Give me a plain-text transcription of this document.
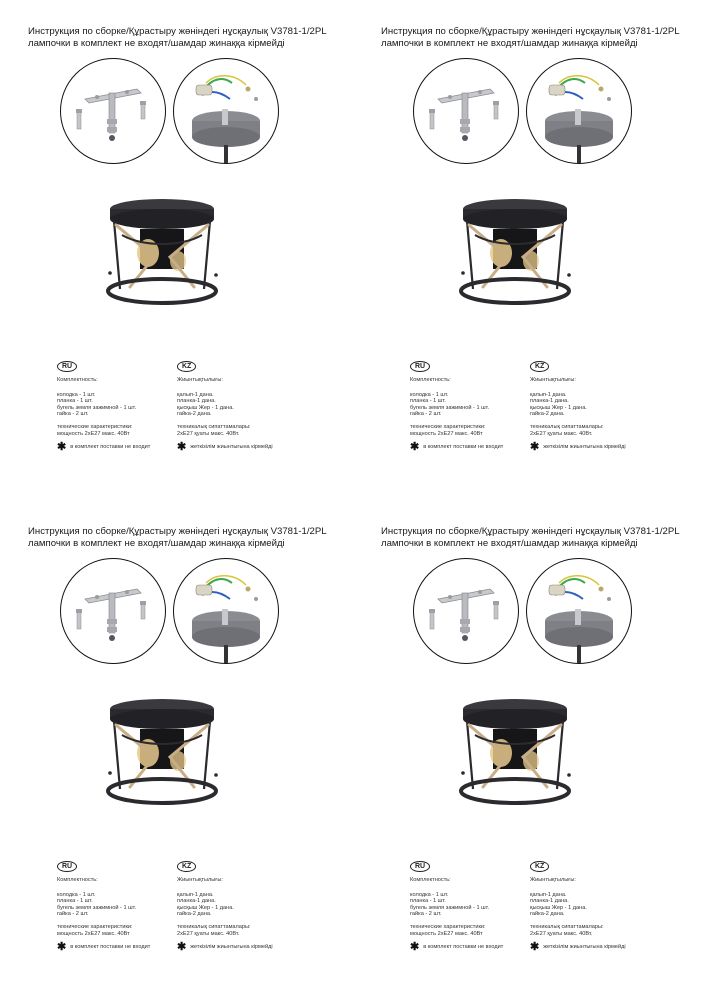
Инструкция по сборке/Құрастыру жөніндегі нұсқаулық V3781-1/2PL
лампочки в комплект не входят/шамдар жинаққа кірмейді
RU
Комплектность:
колодка - 1 шт.
планка - 1 шт.
бугель земля зажимной - 1 шт.
гайка - 2 шт.
технические характеристики:
мощность 2xE27 макс. 40Вт
✱ в комплект поставки не входит
KZ
Жиынтықтылығы:
қалып-1 дана.
планка-1 дана.
қысқыш Жер - 1 дана.
гайка-2 дана.
техникалық сипаттамалары:
2xE27 қуаты макс. 40Вт.
✱ жеткізілім жиынтығына кірмейді
Инструкция по сборке/Құрастыру жөніндегі нұсқаулық V3781-1/2PL
лампочки в комплект не входят/шамдар жинаққа кірмейді
RU
Комплектность:
колодка - 1 шт.
планка - 1 шт.
бугель земля зажимной - 1 шт.
гайка - 2 шт.
технические характеристики:
мощность 2xE27 макс. 40Вт
✱ в комплект поставки не входит
KZ
Жиынтықтылығы:
қалып-1 дана.
планка-1 дана.
қысқыш Жер - 1 дана.
гайка-2 дана.
техникалық сипаттамалары:
2xE27 қуаты макс. 40Вт.
✱ жеткізілім жиынтығына кірмейді
Инструкция по сборке/Құрастыру жөніндегі нұсқаулық V3781-1/2PL
лампочки в комплект не входят/шамдар жинаққа кірмейді
RU
Комплектность:
колодка - 1 шт.
планка - 1 шт.
бугель земля зажимной - 1 шт.
гайка - 2 шт.
технические характеристики:
мощность 2xE27 макс. 40Вт
✱ в комплект поставки не входит
KZ
Жиынтықтылығы:
қалып-1 дана.
планка-1 дана.
қысқыш Жер - 1 дана.
гайка-2 дана.
техникалық сипаттамалары:
2xE27 қуаты макс. 40Вт.
✱ жеткізілім жиынтығына кірмейді
Инструкция по сборке/Құрастыру жөніндегі нұсқаулық V3781-1/2PL
лампочки в комплект не входят/шамдар жинаққа кірмейді
RU
Комплектность:
колодка - 1 шт.
планка - 1 шт.
бугель земля зажимной - 1 шт.
гайка - 2 шт.
технические характеристики:
мощность 2xE27 макс. 40Вт
✱ в комплект поставки не входит
KZ
Жиынтықтылығы:
қалып-1 дана.
планка-1 дана.
қысқыш Жер - 1 дана.
гайка-2 дана.
техникалық сипаттамалары:
2xE27 қуаты макс. 40Вт.
✱ жеткізілім жиынтығына кірмейді
